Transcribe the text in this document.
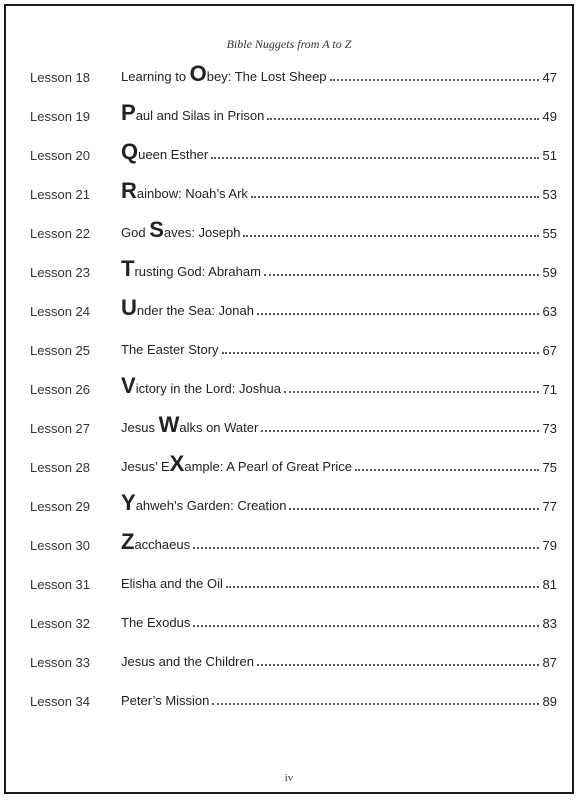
Bible Nuggets from A to Z
Lesson 18 Learning to Obey: The Lost Sheep	47
Lesson 19 Paul and Silas in Prison	49
Lesson 20 Queen Esther	51
Lesson 21 Rainbow: Noah’s Ark	53
Lesson 22 God Saves: Joseph	55
Lesson 23 Trusting God: Abraham	59
Lesson 24 Under the Sea: Jonah	63
Lesson 25 The Easter Story	67
Lesson 26 Victory in the Lord: Joshua	71
Lesson 27 Jesus Walks on Water	73
Lesson 28 Jesus’ EXample: A Pearl of Great Price	75
Lesson 29 Yahweh’s Garden: Creation	77
Lesson 30 Zacchaeus	79
Lesson 31 Elisha and the Oil	81
Lesson 32 The Exodus	83
Lesson 33 Jesus and the Children	87
Lesson 34 Peter’s Mission	89
iv
